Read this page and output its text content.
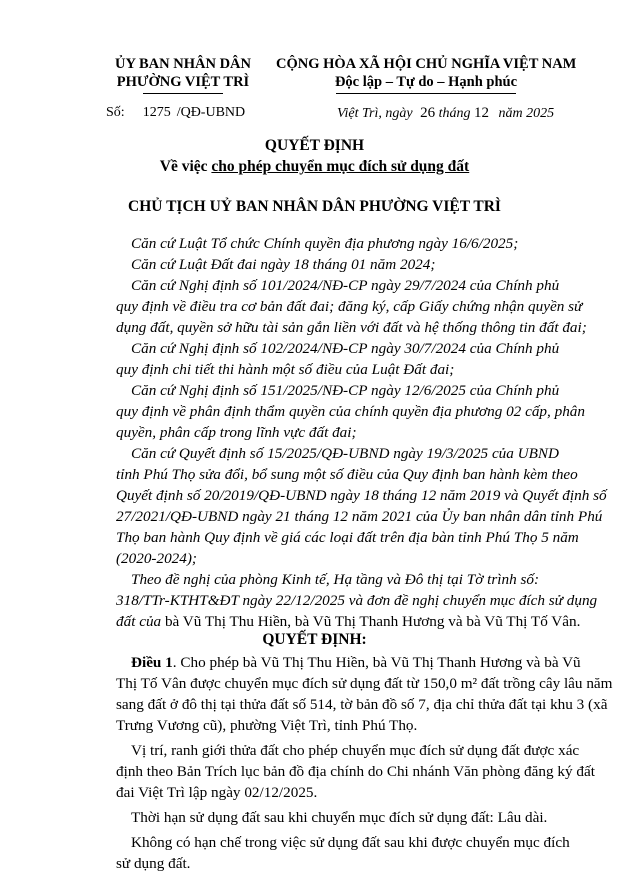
ỦY BAN NHÂN DÂN
PHƯỜNG VIỆT TRÌ
CỘNG HÒA XÃ HỘI CHỦ NGHĨA VIỆT NAM
Độc lập – Tự do – Hạnh phúc
Số: 1275 /QĐ-UBND	Việt Trì, ngày 26 tháng 12 năm 2025
QUYẾT ĐỊNH
Về việc cho phép chuyển mục đích sử dụng đất
CHỦ TỊCH UỶ BAN NHÂN DÂN PHƯỜNG VIỆT TRÌ
Căn cứ Luật Tổ chức Chính quyền địa phương ngày 16/6/2025;
Căn cứ Luật Đất đai ngày 18 tháng 01 năm 2024;
Căn cứ Nghị định số 101/2024/NĐ-CP ngày 29/7/2024 của Chính phủ
quy định về điều tra cơ bản đất đai; đăng ký, cấp Giấy chứng nhận quyền sử
dụng đất, quyền sở hữu tài sản gắn liền với đất và hệ thống thông tin đất đai;
Căn cứ Nghị định số 102/2024/NĐ-CP ngày 30/7/2024 của Chính phủ
quy định chi tiết thi hành một số điều của Luật Đất đai;
Căn cứ Nghị định số 151/2025/NĐ-CP ngày 12/6/2025 của Chính phủ
quy định về phân định thẩm quyền của chính quyền địa phương 02 cấp, phân
quyền, phân cấp trong lĩnh vực đất đai;
Căn cứ Quyết định số 15/2025/QĐ-UBND ngày 19/3/2025 của UBND
tỉnh Phú Thọ sửa đổi, bổ sung một số điều của Quy định ban hành kèm theo
Quyết định số 20/2019/QĐ-UBND ngày 18 tháng 12 năm 2019 và Quyết định số
27/2021/QĐ-UBND ngày 21 tháng 12 năm 2021 của Ủy ban nhân dân tỉnh Phú
Thọ ban hành Quy định về giá các loại đất trên địa bàn tỉnh Phú Thọ 5 năm
(2020-2024);
Theo đề nghị của phòng Kinh tế, Hạ tầng và Đô thị tại Tờ trình số:
318/TTr-KTHT&ĐT ngày 22/12/2025 và đơn đề nghị chuyển mục đích sử dụng
đất của bà Vũ Thị Thu Hiền, bà Vũ Thị Thanh Hương và bà Vũ Thị Tố Vân.
QUYẾT ĐỊNH:
Điều 1. Cho phép bà Vũ Thị Thu Hiền, bà Vũ Thị Thanh Hương và bà Vũ
Thị Tố Vân được chuyển mục đích sử dụng đất từ 150,0 m² đất trồng cây lâu năm
sang đất ở đô thị tại thửa đất số 514, tờ bản đồ số 7, địa chỉ thửa đất tại khu 3 (xã
Trưng Vương cũ), phường Việt Trì, tỉnh Phú Thọ.
Vị trí, ranh giới thửa đất cho phép chuyển mục đích sử dụng đất được xác
định theo Bản Trích lục bản đồ địa chính do Chi nhánh Văn phòng đăng ký đất
đai Việt Trì lập ngày 02/12/2025.
Thời hạn sử dụng đất sau khi chuyển mục đích sử dụng đất: Lâu dài.
Không có hạn chế trong việc sử dụng đất sau khi được chuyển mục đích
sử dụng đất.
